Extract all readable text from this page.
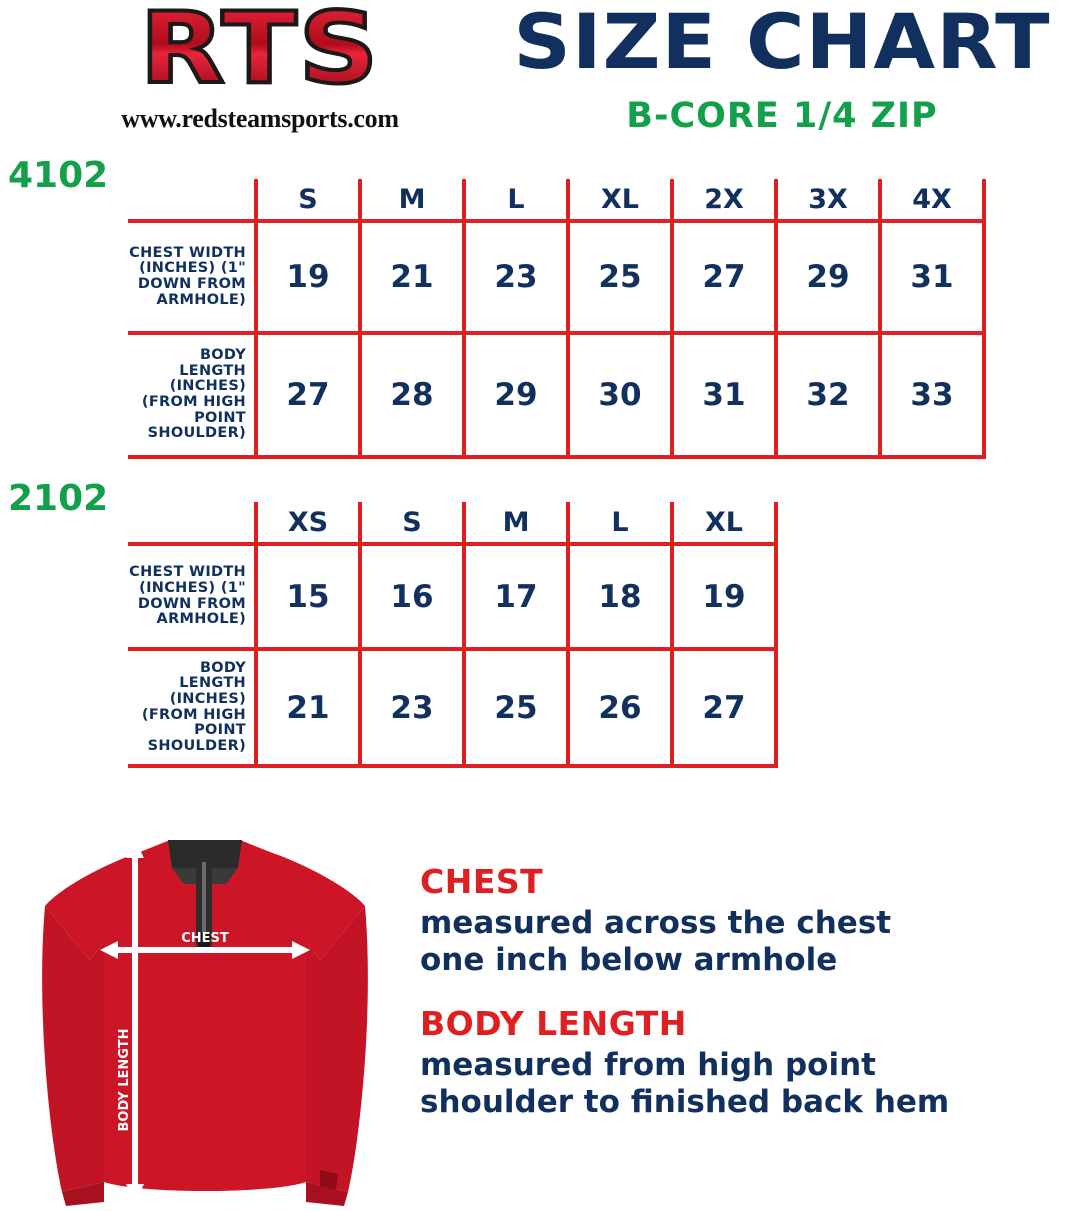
RTS
www.redsteamsports.com
SIZE CHART
B-CORE 1/4 ZIP
4102
	S	M	L	XL	2X	3X	4X
CHEST WIDTH (INCHES) (1" DOWN FROM ARMHOLE)	19	21	23	25	27	29	31
BODY LENGTH (INCHES) (FROM HIGH POINT SHOULDER)	27	28	29	30	31	32	33
2102
	XS	S	M	L	XL
CHEST WIDTH (INCHES) (1" DOWN FROM ARMHOLE)	15	16	17	18	19
BODY LENGTH (INCHES) (FROM HIGH POINT SHOULDER)	21	23	25	26	27
CHEST
BODY LENGTH
CHEST

measured across the chest
one inch below armhole

BODY LENGTH

measured from high point
shoulder to finished back hem
